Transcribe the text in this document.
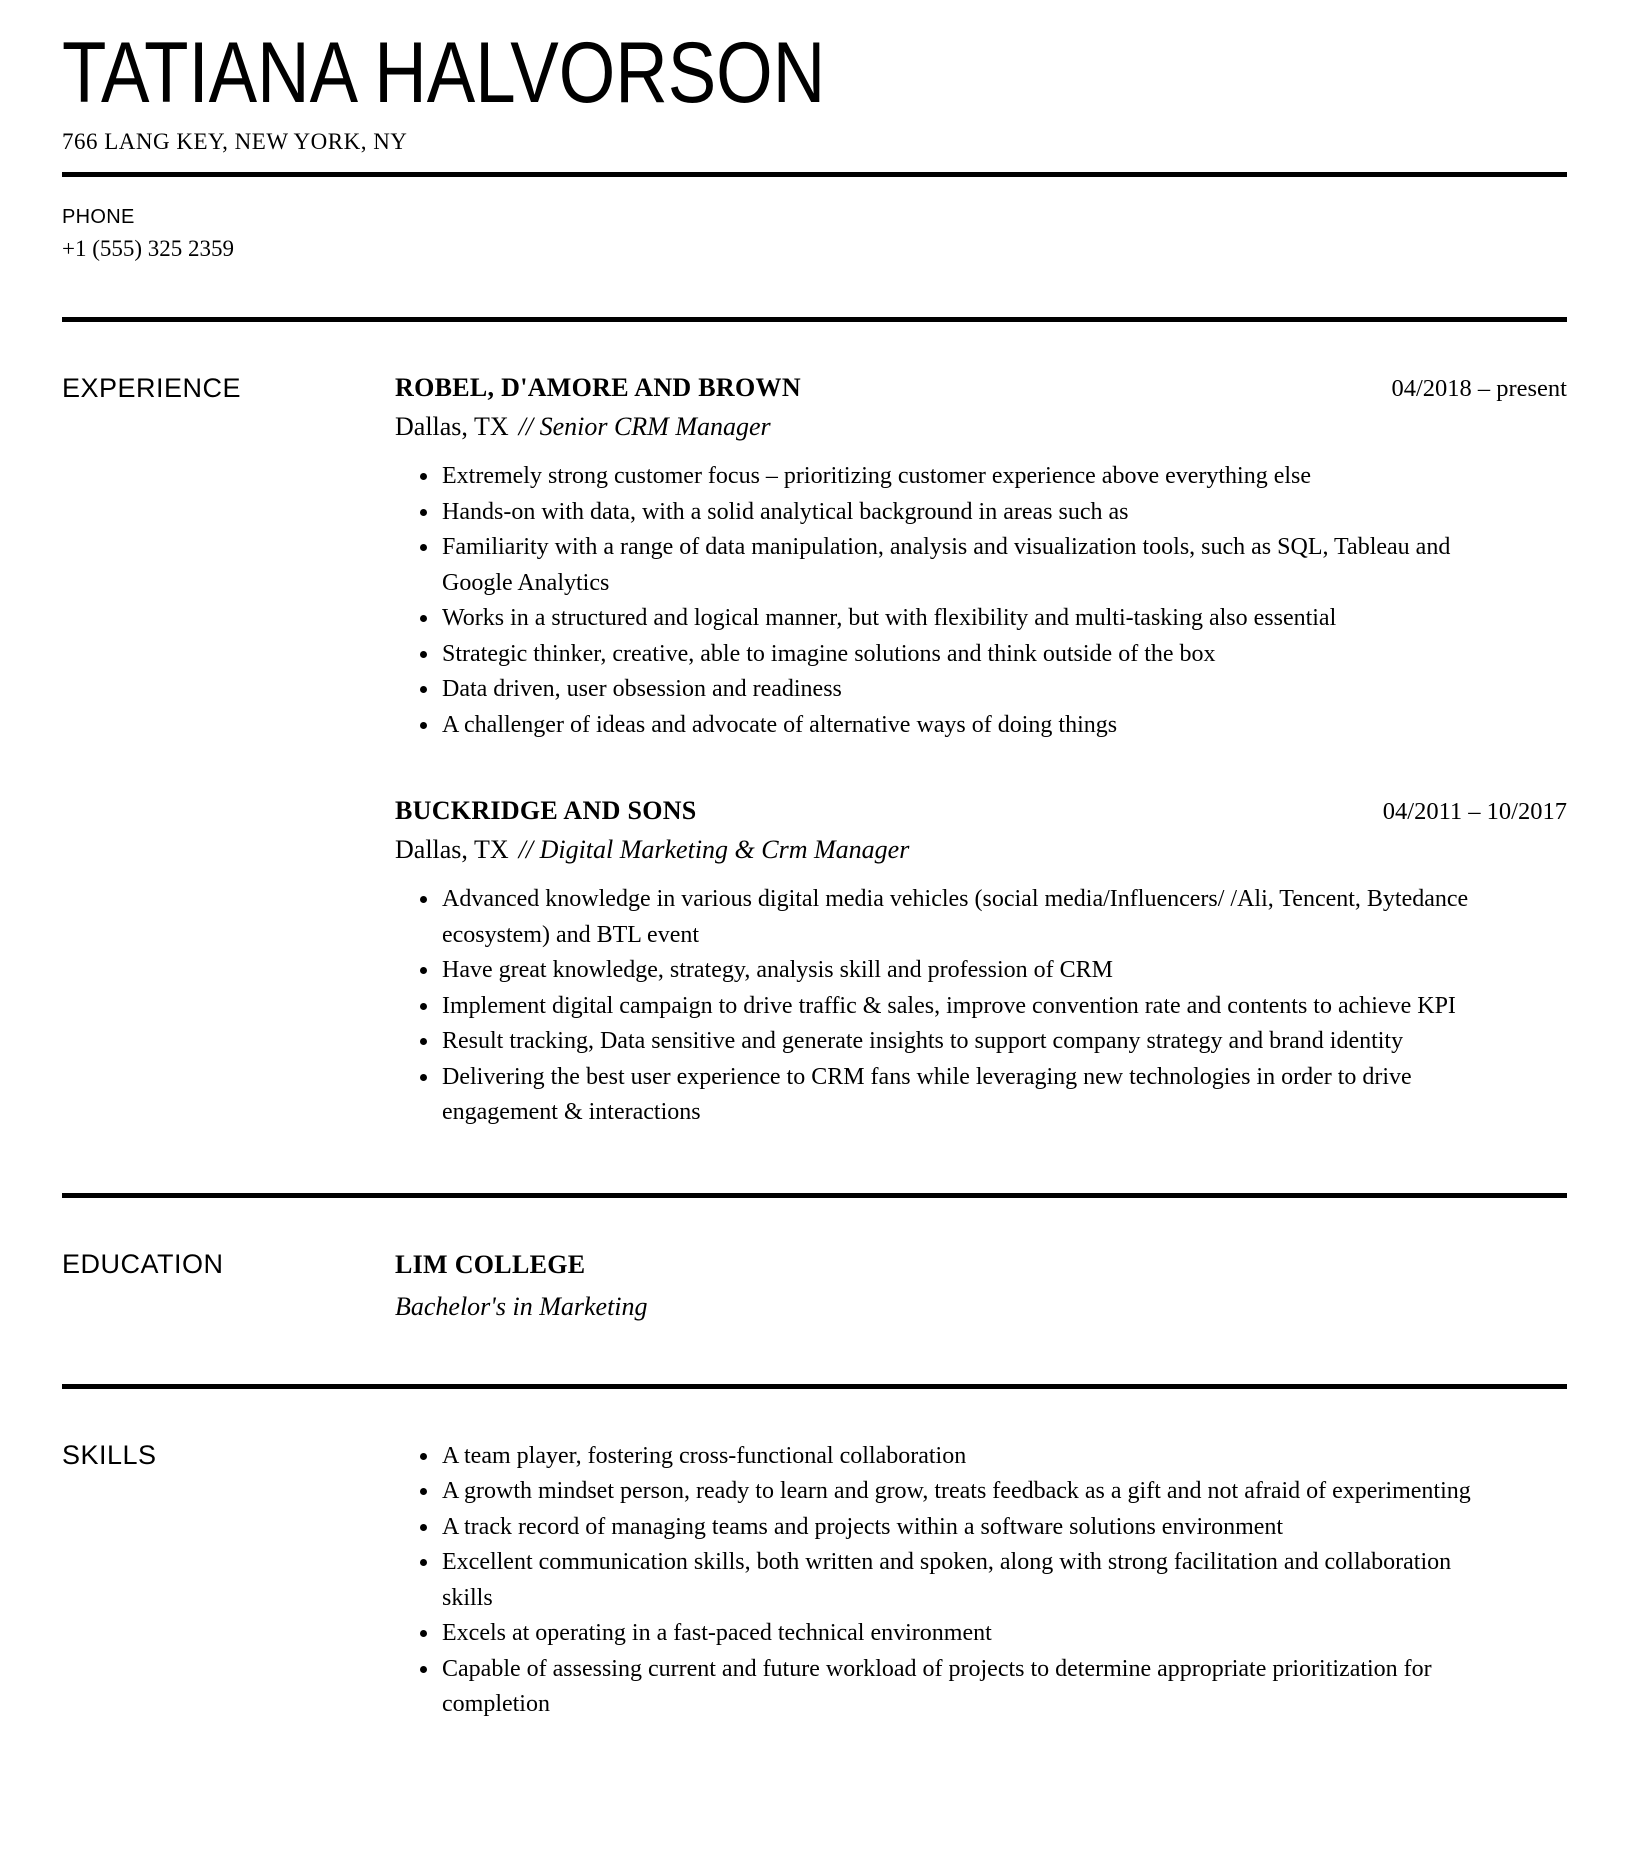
TATIANA HALVORSON
766 LANG KEY, NEW YORK, NY
PHONE
+1 (555) 325 2359
EXPERIENCE	ROBEL, D'AMORE AND BROWN	04/2018 – present
Dallas, TX // Senior CRM Manager
• Extremely strong customer focus – prioritizing customer experience above everything else
• Hands-on with data, with a solid analytical background in areas such as
• Familiarity with a range of data manipulation, analysis and visualization tools, such as SQL, Tableau and Google Analytics
• Works in a structured and logical manner, but with flexibility and multi-tasking also essential
• Strategic thinker, creative, able to imagine solutions and think outside of the box
• Data driven, user obsession and readiness
• A challenger of ideas and advocate of alternative ways of doing things
BUCKRIDGE AND SONS	04/2011 – 10/2017
Dallas, TX // Digital Marketing & Crm Manager
• Advanced knowledge in various digital media vehicles (social media/Influencers/ /Ali, Tencent, Bytedance ecosystem) and BTL event
• Have great knowledge, strategy, analysis skill and profession of CRM
• Implement digital campaign to drive traffic & sales, improve convention rate and contents to achieve KPI
• Result tracking, Data sensitive and generate insights to support company strategy and brand identity
• Delivering the best user experience to CRM fans while leveraging new technologies in order to drive engagement & interactions
EDUCATION	LIM COLLEGE
Bachelor's in Marketing
SKILLS	• A team player, fostering cross-functional collaboration
• A growth mindset person, ready to learn and grow, treats feedback as a gift and not afraid of experimenting
• A track record of managing teams and projects within a software solutions environment
• Excellent communication skills, both written and spoken, along with strong facilitation and collaboration skills
• Excels at operating in a fast-paced technical environment
• Capable of assessing current and future workload of projects to determine appropriate prioritization for completion
